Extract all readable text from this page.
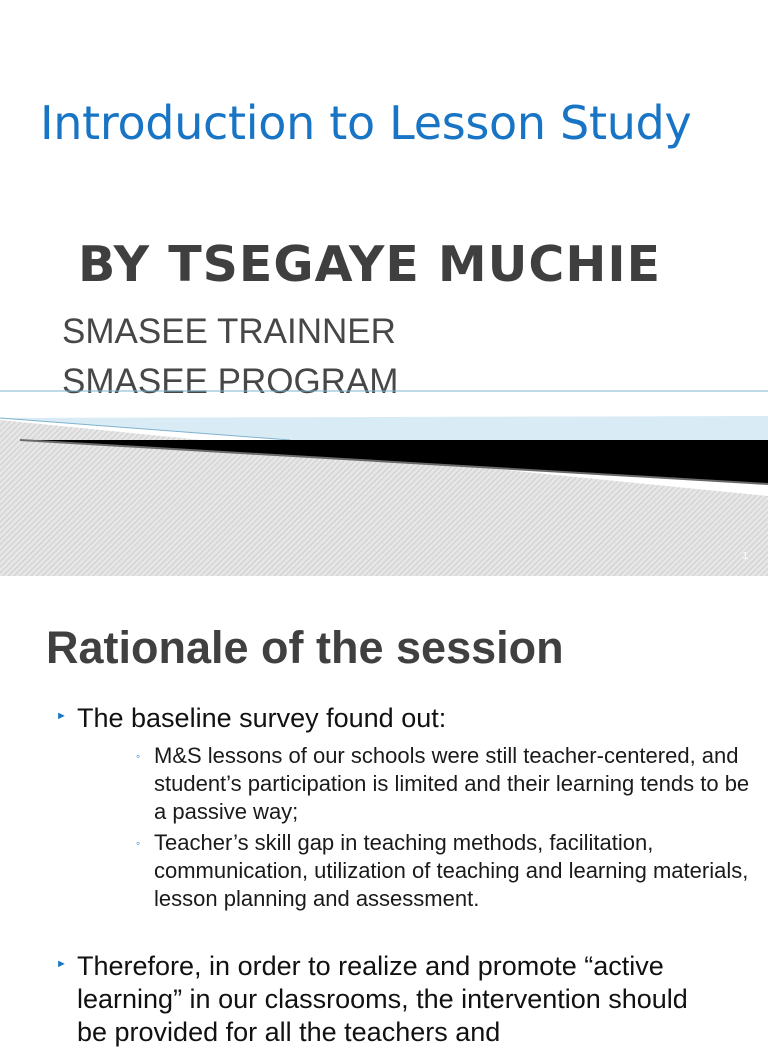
Introduction to Lesson Study
BY TSEGAYE MUCHIE
SMASEE TRAINNER
SMASEE PROGRAM
1
Rationale of the session
► The baseline survey found out:
◦ M&S lessons of our schools were still teacher-centered, and student’s participation is limited and their learning tends to be a passive way;
◦ Teacher’s skill gap in teaching methods, facilitation, communication, utilization of teaching and learning materials, lesson planning and assessment.
► Therefore, in order to realize and promote “active learning” in our classrooms, the intervention should be provided for all the teachers and
